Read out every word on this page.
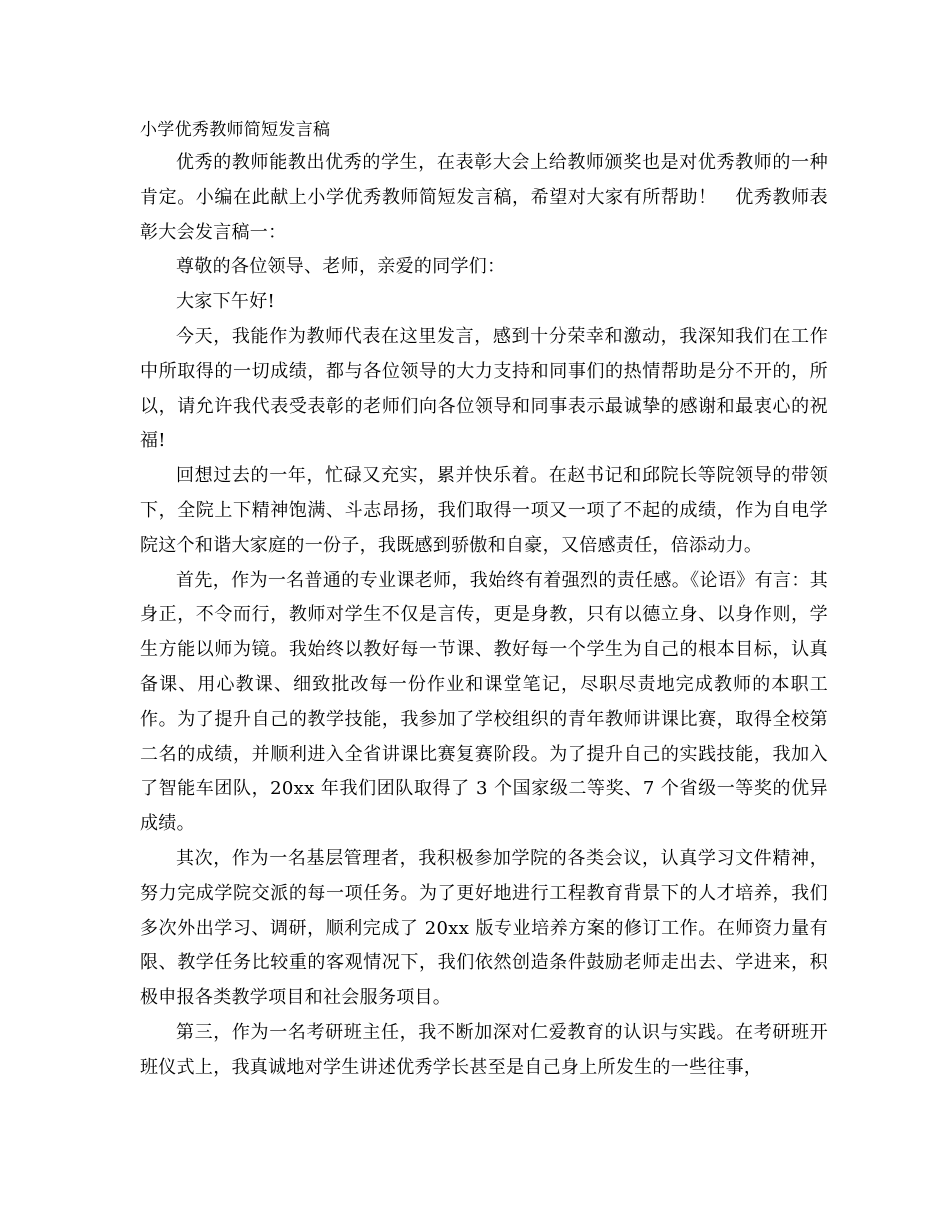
小学优秀教师简短发言稿

优秀的教师能教出优秀的学生，在表彰大会上给教师颁奖也是对优秀教师的一种肯定。小编在此献上小学优秀教师简短发言稿，希望对大家有所帮助！　优秀教师表彰大会发言稿一：

尊敬的各位领导、老师，亲爱的同学们：

大家下午好!

今天，我能作为教师代表在这里发言，感到十分荣幸和激动，我深知我们在工作中所取得的一切成绩，都与各位领导的大力支持和同事们的热情帮助是分不开的，所以，请允许我代表受表彰的老师们向各位领导和同事表示最诚挚的感谢和最衷心的祝福!

回想过去的一年，忙碌又充实，累并快乐着。在赵书记和邱院长等院领导的带领下，全院上下精神饱满、斗志昂扬，我们取得一项又一项了不起的成绩，作为自电学院这个和谐大家庭的一份子，我既感到骄傲和自豪，又倍感责任，倍添动力。

首先，作为一名普通的专业课老师，我始终有着强烈的责任感。《论语》有言：其身正，不令而行，教师对学生不仅是言传，更是身教，只有以德立身、以身作则，学生方能以师为镜。我始终以教好每一节课、教好每一个学生为自己的根本目标，认真备课、用心教课、细致批改每一份作业和课堂笔记，尽职尽责地完成教师的本职工作。为了提升自己的教学技能，我参加了学校组织的青年教师讲课比赛，取得全校第二名的成绩，并顺利进入全省讲课比赛复赛阶段。为了提升自己的实践技能，我加入了智能车团队，20xx 年我们团队取得了 3 个国家级二等奖、7 个省级一等奖的优异成绩。

其次，作为一名基层管理者，我积极参加学院的各类会议，认真学习文件精神，努力完成学院交派的每一项任务。为了更好地进行工程教育背景下的人才培养，我们多次外出学习、调研，顺利完成了 20xx 版专业培养方案的修订工作。在师资力量有限、教学任务比较重的客观情况下，我们依然创造条件鼓励老师走出去、学进来，积极申报各类教学项目和社会服务项目。

第三，作为一名考研班主任，我不断加深对仁爱教育的认识与实践。在考研班开班仪式上，我真诚地对学生讲述优秀学长甚至是自己身上所发生的一些往事，
